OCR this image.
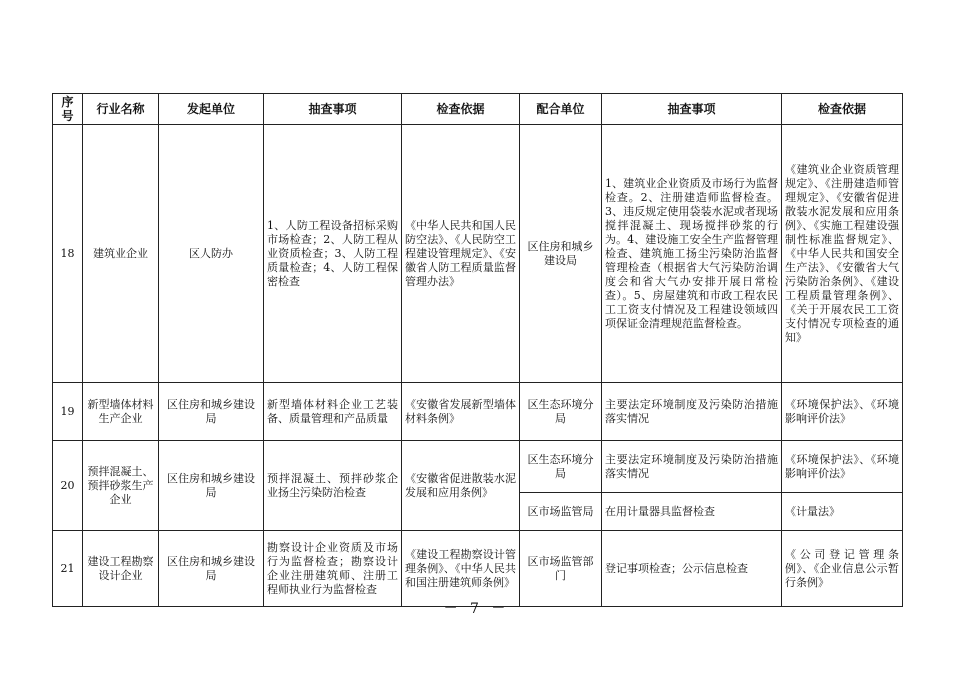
序号	行业名称	发起单位	抽查事项	检查依据	配合单位	抽查事项	检查依据
18	建筑业企业	区人防办	1、人防工程设备招标采购市场检查；2、人防工程从业资质检查；3、人防工程质量检查；4、人防工程保密检查	《中华人民共和国人民防空法》、《人民防空工程建设管理规定》、《安徽省人防工程质量监督管理办法》	区住房和城乡建设局	1、建筑业企业资质及市场行为监督检查。2、注册建造师监督检查。3、违反规定使用袋装水泥或者现场搅拌混凝土、现场搅拌砂浆的行为。4、建设施工安全生产监督管理检查、建筑施工扬尘污染防治监督管理检查（根据省大气污染防治调度会和省大气办安排开展日常检查）。5、房屋建筑和市政工程农民工工资支付情况及工程建设领域四项保证金清理规范监督检查。	《建筑业企业资质管理规定》、《注册建造师管理规定》、《安徽省促进散装水泥发展和应用条例》、《实施工程建设强制性标准监督规定》、《中华人民共和国安全生产法》、《安徽省大气污染防治条例》、《建设工程质量管理条例》、《关于开展农民工工资支付情况专项检查的通知》
19	新型墙体材料生产企业	区住房和城乡建设局	新型墙体材料企业工艺装备、质量管理和产品质量	《安徽省发展新型墙体材料条例》	区生态环境分局	主要法定环境制度及污染防治措施落实情况	《环境保护法》、《环境影响评价法》
20	预拌混凝土、预拌砂浆生产企业	区住房和城乡建设局	预拌混凝土、预拌砂浆企业扬尘污染防治检查	《安徽省促进散装水泥发展和应用条例》	区生态环境分局	主要法定环境制度及污染防治措施落实情况	《环境保护法》、《环境影响评价法》
					区市场监管局	在用计量器具监督检查	《计量法》
21	建设工程勘察设计企业	区住房和城乡建设局	勘察设计企业资质及市场行为监督检查；勘察设计企业注册建筑师、注册工程师执业行为监督检查	《建设工程勘察设计管理条例》、《中华人民共和国注册建筑师条例》	区市场监管部门	登记事项检查；公示信息检查	《公司登记管理条例》、《企业信息公示暂行条例》
－ 7 －
